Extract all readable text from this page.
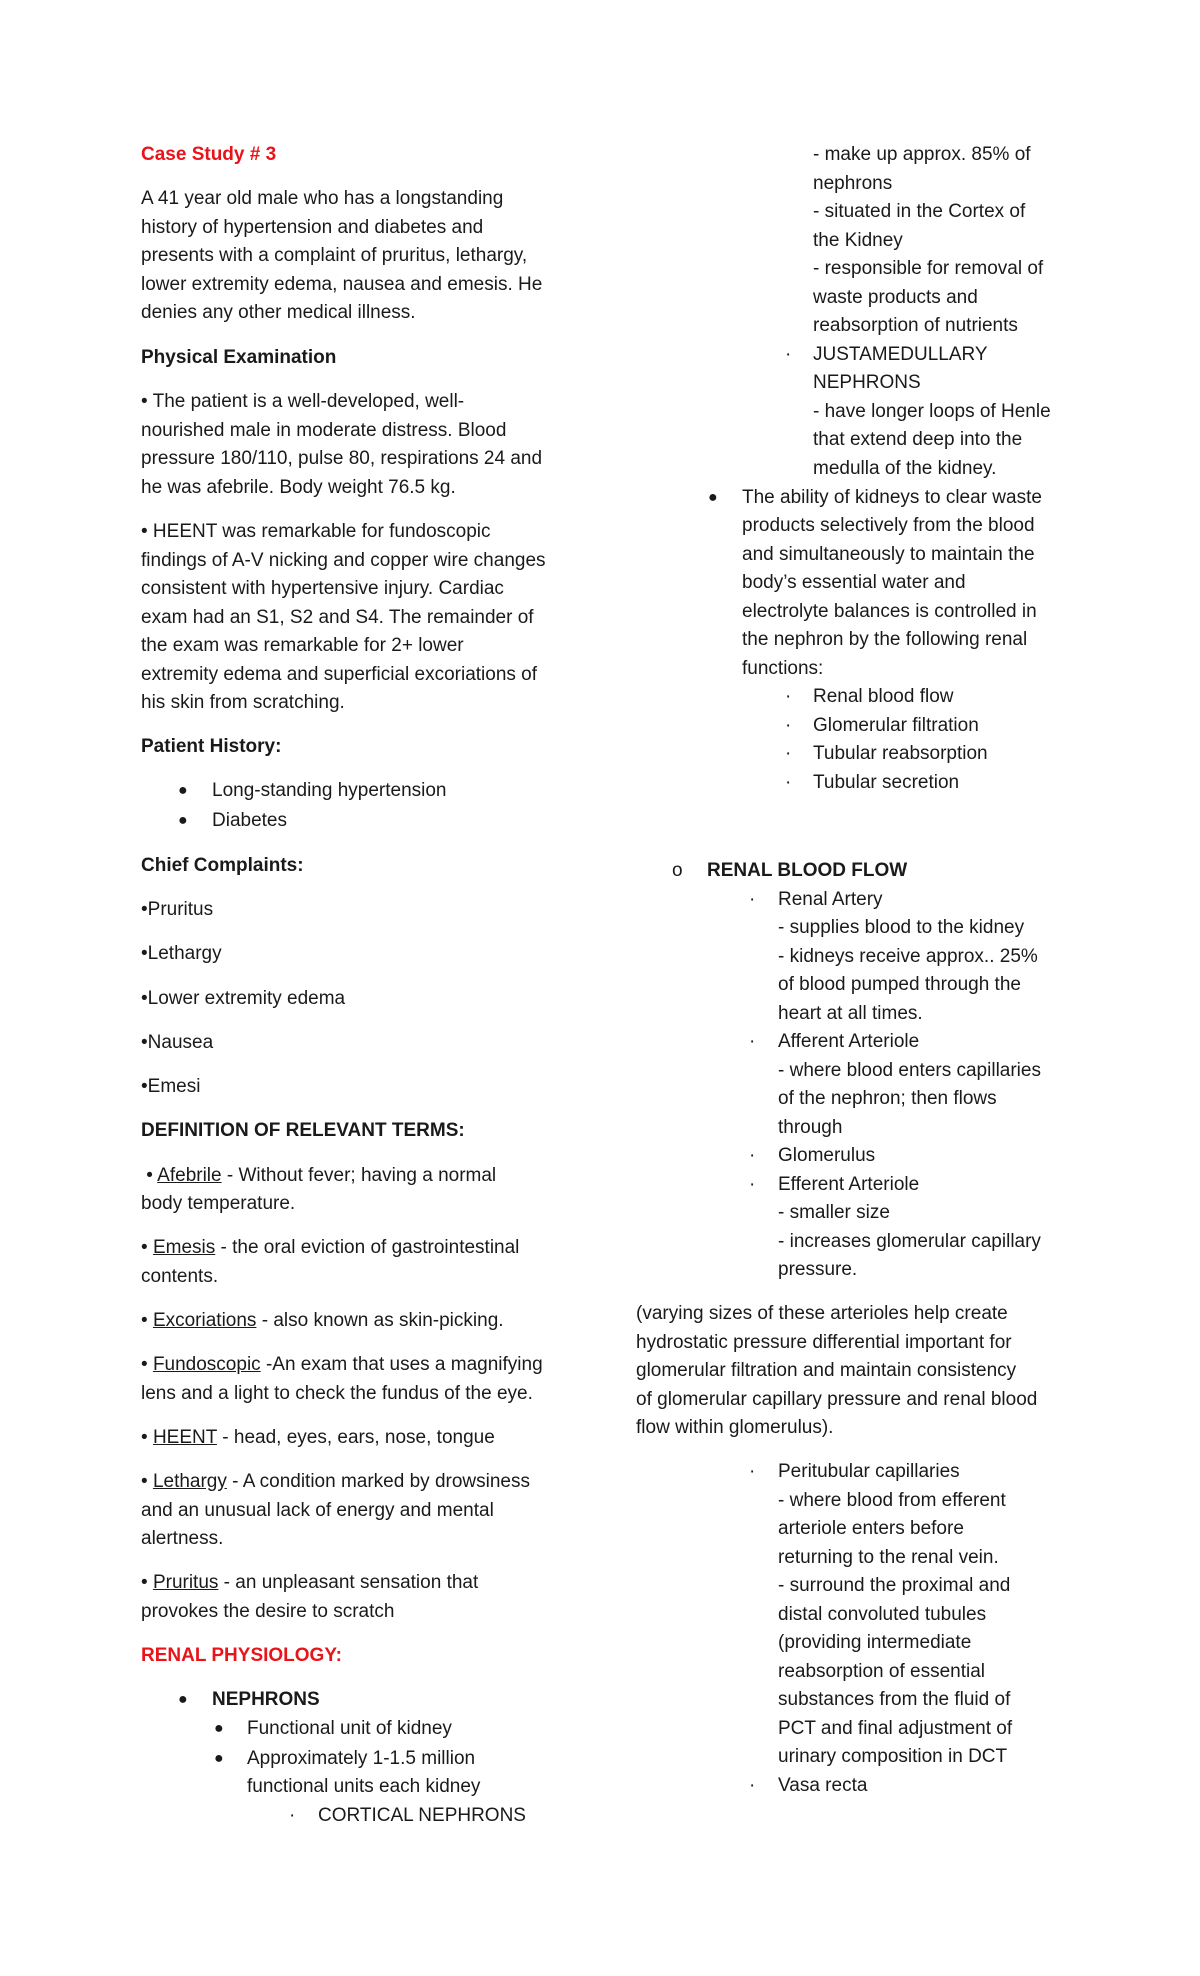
Case Study # 3
A 41 year old male who has a longstanding
history of hypertension and diabetes and
presents with a complaint of pruritus, lethargy,
lower extremity edema, nausea and emesis. He
denies any other medical illness.
Physical Examination
• The patient is a well-developed, well-
nourished male in moderate distress. Blood
pressure 180/110, pulse 80, respirations 24 and
he was afebrile. Body weight 76.5 kg.
• HEENT was remarkable for fundoscopic
findings of A-V nicking and copper wire changes
consistent with hypertensive injury. Cardiac
exam had an S1, S2 and S4. The remainder of
the exam was remarkable for 2+ lower
extremity edema and superficial excoriations of
his skin from scratching.
Patient History:
● Long-standing hypertension
● Diabetes
Chief Complaints:
•Pruritus
•Lethargy
•Lower extremity edema
•Nausea
•Emesi
DEFINITION OF RELEVANT TERMS:
• Afebrile - Without fever; having a normal
body temperature.
• Emesis - the oral eviction of gastrointestinal
contents.
• Excoriations - also known as skin-picking.
• Fundoscopic -An exam that uses a magnifying
lens and a light to check the fundus of the eye.
• HEENT - head, eyes, ears, nose, tongue
• Lethargy - A condition marked by drowsiness
and an unusual lack of energy and mental
alertness.
• Pruritus - an unpleasant sensation that
provokes the desire to scratch
RENAL PHYSIOLOGY:
● NEPHRONS
● Functional unit of kidney
● Approximately 1-1.5 million
functional units each kidney
· CORTICAL NEPHRONS
- make up approx. 85% of
nephrons
- situated in the Cortex of
the Kidney
- responsible for removal of
waste products and
reabsorption of nutrients
· JUSTAMEDULLARY
NEPHRONS
- have longer loops of Henle
that extend deep into the
medulla of the kidney.
● The ability of kidneys to clear waste
products selectively from the blood
and simultaneously to maintain the
body’s essential water and
electrolyte balances is controlled in
the nephron by the following renal
functions:
· Renal blood flow
· Glomerular filtration
· Tubular reabsorption
· Tubular secretion
o RENAL BLOOD FLOW
· Renal Artery
- supplies blood to the kidney
- kidneys receive approx.. 25%
of blood pumped through the
heart at all times.
· Afferent Arteriole
- where blood enters capillaries
of the nephron; then flows
through
· Glomerulus
· Efferent Arteriole
- smaller size
- increases glomerular capillary
pressure.
(varying sizes of these arterioles help create
hydrostatic pressure differential important for
glomerular filtration and maintain consistency
of glomerular capillary pressure and renal blood
flow within glomerulus).
· Peritubular capillaries
- where blood from efferent
arteriole enters before
returning to the renal vein.
- surround the proximal and
distal convoluted tubules
(providing intermediate
reabsorption of essential
substances from the fluid of
PCT and final adjustment of
urinary composition in DCT
· Vasa recta
